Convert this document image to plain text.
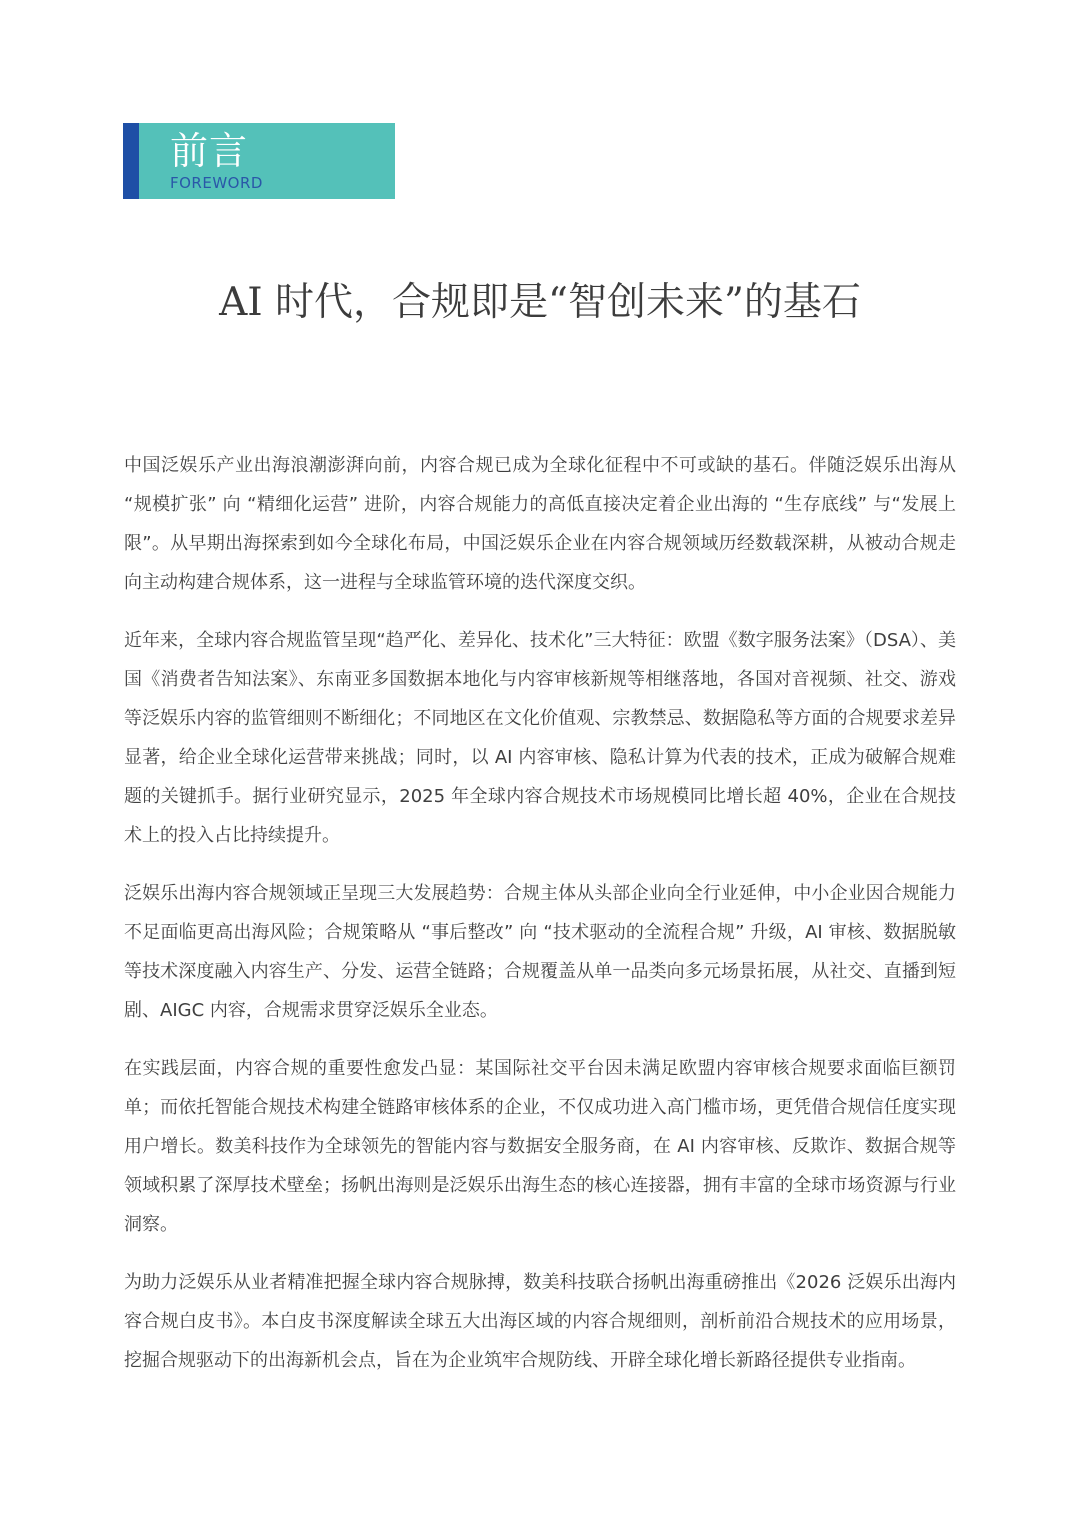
前言
FOREWORD
AI 时代，合规即是“智创未来”的基石

中国泛娱乐产业出海浪潮澎湃向前，内容合规已成为全球化征程中不可或缺的基石。伴随泛娱乐出海从 “规模扩张” 向 “精细化运营” 进阶，内容合规能力的高低直接决定着企业出海的 “生存底线” 与“发展上限”。从早期出海探索到如今全球化布局，中国泛娱乐企业在内容合规领域历经数载深耕，从被动合规走向主动构建合规体系，这一进程与全球监管环境的迭代深度交织。

近年来，全球内容合规监管呈现“趋严化、差异化、技术化”三大特征：欧盟《数字服务法案》（DSA）、美国《消费者告知法案》、东南亚多国数据本地化与内容审核新规等相继落地，各国对音视频、社交、游戏等泛娱乐内容的监管细则不断细化；不同地区在文化价值观、宗教禁忌、数据隐私等方面的合规要求差异显著，给企业全球化运营带来挑战；同时，以 AI 内容审核、隐私计算为代表的技术，正成为破解合规难题的关键抓手。据行业研究显示，2025 年全球内容合规技术市场规模同比增长超 40%，企业在合规技术上的投入占比持续提升。

泛娱乐出海内容合规领域正呈现三大发展趋势：合规主体从头部企业向全行业延伸，中小企业因合规能力不足面临更高出海风险；合规策略从 “事后整改” 向 “技术驱动的全流程合规” 升级，AI 审核、数据脱敏等技术深度融入内容生产、分发、运营全链路；合规覆盖从单一品类向多元场景拓展，从社交、直播到短剧、AIGC 内容，合规需求贯穿泛娱乐全业态。

在实践层面，内容合规的重要性愈发凸显：某国际社交平台因未满足欧盟内容审核合规要求面临巨额罚单；而依托智能合规技术构建全链路审核体系的企业，不仅成功进入高门槛市场，更凭借合规信任度实现用户增长。数美科技作为全球领先的智能内容与数据安全服务商，在 AI 内容审核、反欺诈、数据合规等领域积累了深厚技术壁垒；扬帆出海则是泛娱乐出海生态的核心连接器，拥有丰富的全球市场资源与行业洞察。

为助力泛娱乐从业者精准把握全球内容合规脉搏，数美科技联合扬帆出海重磅推出《2026 泛娱乐出海内容合规白皮书》。本白皮书深度解读全球五大出海区域的内容合规细则，剖析前沿合规技术的应用场景，挖掘合规驱动下的出海新机会点，旨在为企业筑牢合规防线、开辟全球化增长新路径提供专业指南。
